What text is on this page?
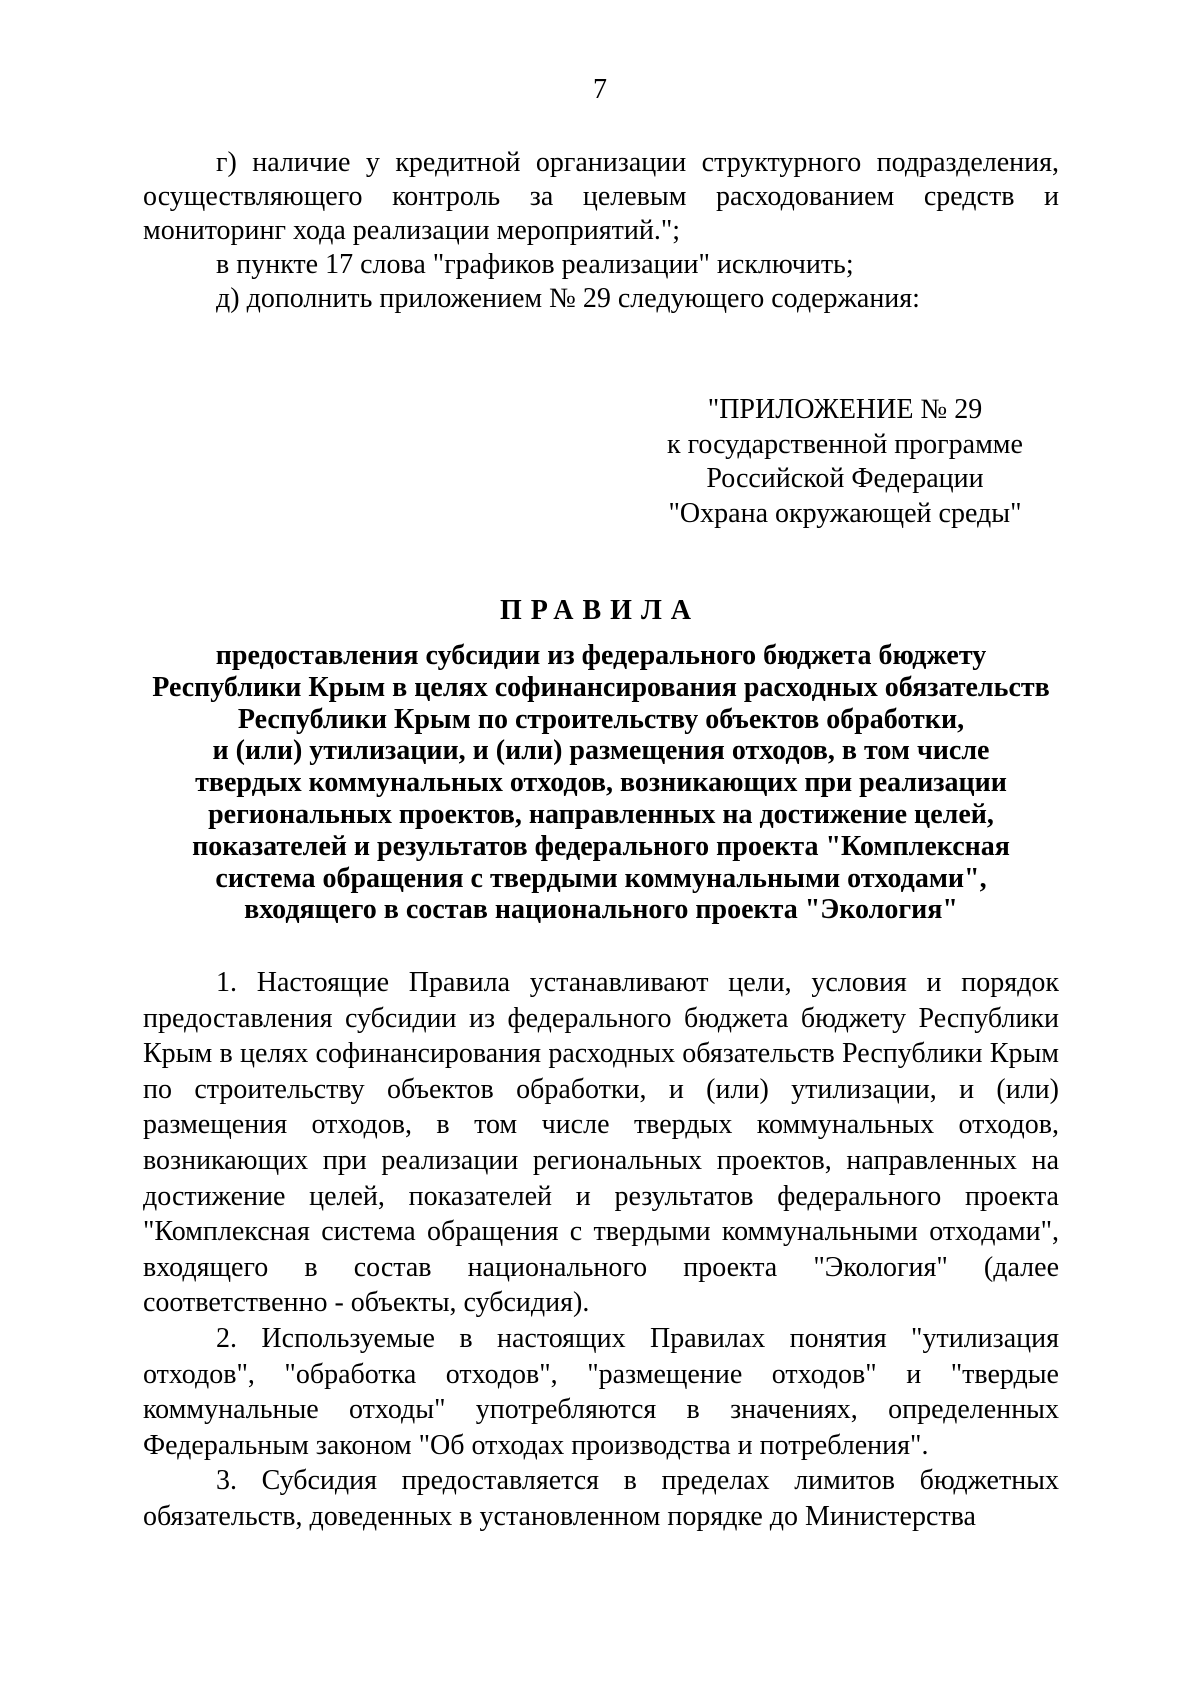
7

г) наличие у кредитной организации структурного подразделения, осуществляющего контроль за целевым расходованием средств и мониторинг хода реализации мероприятий.";

в пункте 17 слова "графиков реализации" исключить;

д) дополнить приложением № 29 следующего содержания:

"ПРИЛОЖЕНИЕ № 29
к государственной программе
Российской Федерации
"Охрана окружающей среды"
ПРАВИЛА
предоставления субсидии из федерального бюджета бюджету
Республики Крым в целях софинансирования расходных обязательств
Республики Крым по строительству объектов обработки,
и (или) утилизации, и (или) размещения отходов, в том числе
твердых коммунальных отходов, возникающих при реализации
региональных проектов, направленных на достижение целей,
показателей и результатов федерального проекта "Комплексная
система обращения с твердыми коммунальными отходами",
входящего в состав национального проекта "Экология"

1. Настоящие Правила устанавливают цели, условия и порядок предоставления субсидии из федерального бюджета бюджету Республики Крым в целях софинансирования расходных обязательств Республики Крым по строительству объектов обработки, и (или) утилизации, и (или) размещения отходов, в том числе твердых коммунальных отходов, возникающих при реализации региональных проектов, направленных на достижение целей, показателей и результатов федерального проекта "Комплексная система обращения с твердыми коммунальными отходами", входящего в состав национального проекта "Экология" (далее соответственно - объекты, субсидия).

2. Используемые в настоящих Правилах понятия "утилизация отходов", "обработка отходов", "размещение отходов" и "твердые коммунальные отходы" употребляются в значениях, определенных Федеральным законом "Об отходах производства и потребления".

3. Субсидия предоставляется в пределах лимитов бюджетных обязательств, доведенных в установленном порядке до Министерства
